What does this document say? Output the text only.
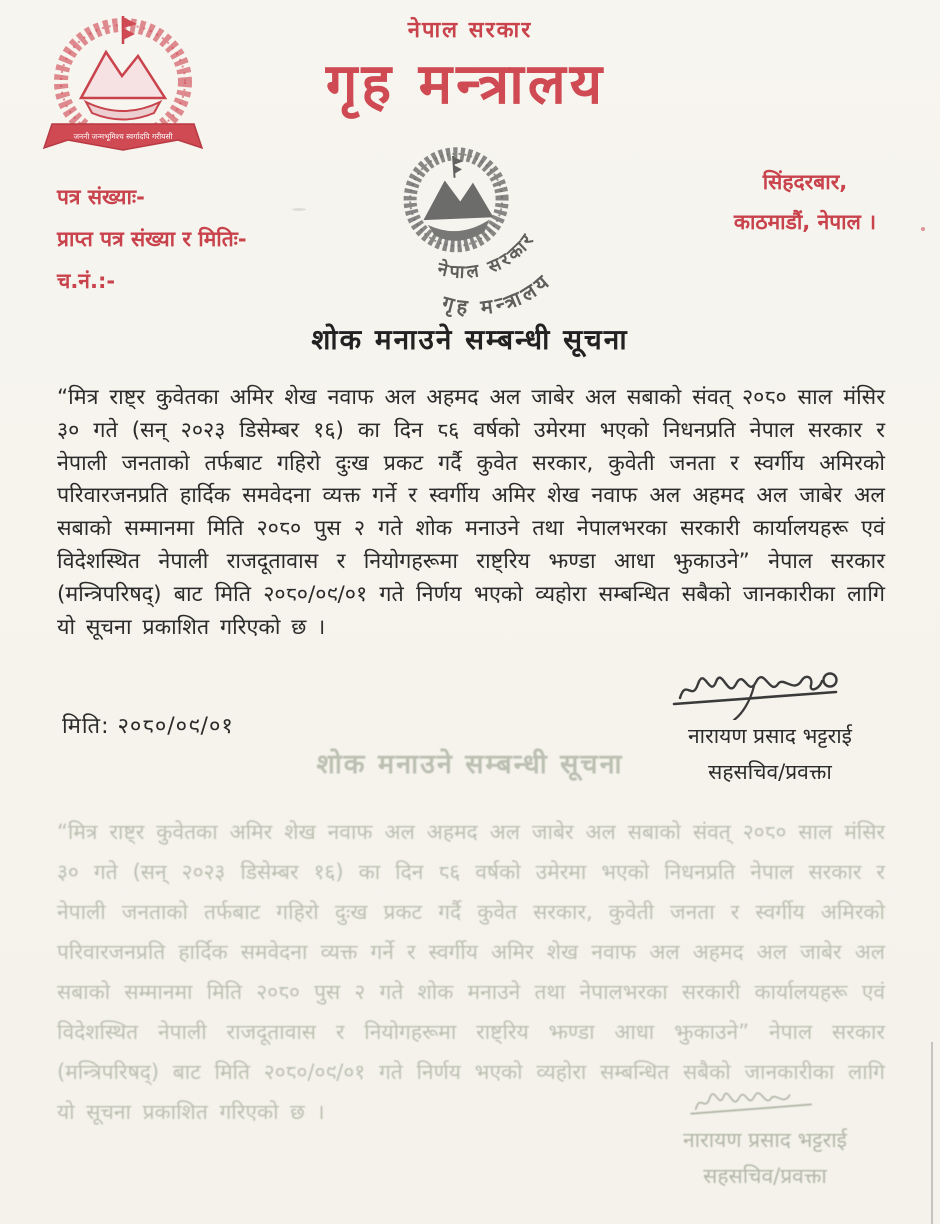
जननी जन्मभूमिश्च स्वर्गादपि गरीयसी
नेपाल सरकार
गृह मन्त्रालय
पत्र संख्याः-
प्राप्त पत्र संख्या र मितिः-
च.नं.:-	नेपाल सरकार
गृह मन्त्रालय
सिंहदरबार,
काठमाडौं, नेपाल ।
शोक मनाउने सम्बन्धी सूचना
“मित्र राष्ट्र कुवेतका अमिर शेख नवाफ अल अहमद अल जाबेर अल सबाको संवत् २०८० साल मंसिर ३० गते (सन् २०२३ डिसेम्बर १६) का दिन ८६ वर्षको उमेरमा भएको निधनप्रति नेपाल सरकार र नेपाली जनताको तर्फबाट गहिरो दुःख प्रकट गर्दै कुवेत सरकार, कुवेती जनता र स्वर्गीय अमिरको परिवारजनप्रति हार्दिक समवेदना व्यक्त गर्ने र स्वर्गीय अमिर शेख नवाफ अल अहमद अल जाबेर अल सबाको सम्मानमा मिति २०८० पुस २ गते शोक मनाउने तथा नेपालभरका सरकारी कार्यालयहरू एवं विदेशस्थित नेपाली राजदूतावास र नियोगहरूमा राष्ट्रिय झण्डा आधा झुकाउने” नेपाल सरकार (मन्त्रिपरिषद्) बाट मिति २०८०/०९/०१ गते निर्णय भएको व्यहोरा सम्बन्धित सबैको जानकारीका लागि यो सूचना प्रकाशित गरिएको छ ।
मिति: २०८०/०९/०१	नारायण प्रसाद भट्टराई
सहसचिव/प्रवक्ता
शोक मनाउने सम्बन्धी सूचना
“मित्र राष्ट्र कुवेतका अमिर शेख नवाफ अल अहमद अल जाबेर अल सबाको संवत् २०८० साल मंसिर ३० गते (सन् २०२३ डिसेम्बर १६) का दिन ८६ वर्षको उमेरमा भएको निधनप्रति नेपाल सरकार र नेपाली जनताको तर्फबाट गहिरो दुःख प्रकट गर्दै कुवेत सरकार, कुवेती जनता र स्वर्गीय अमिरको परिवारजनप्रति हार्दिक समवेदना व्यक्त गर्ने र स्वर्गीय अमिर शेख नवाफ अल अहमद अल जाबेर अल सबाको सम्मानमा मिति २०८० पुस २ गते शोक मनाउने तथा नेपालभरका सरकारी कार्यालयहरू एवं विदेशस्थित नेपाली राजदूतावास र नियोगहरूमा राष्ट्रिय झण्डा आधा झुकाउने” नेपाल सरकार (मन्त्रिपरिषद्) बाट मिति २०८०/०९/०१ गते निर्णय भएको व्यहोरा सम्बन्धित सबैको जानकारीका लागि यो सूचना प्रकाशित गरिएको छ ।
नारायण प्रसाद भट्टराई
सहसचिव/प्रवक्ता
